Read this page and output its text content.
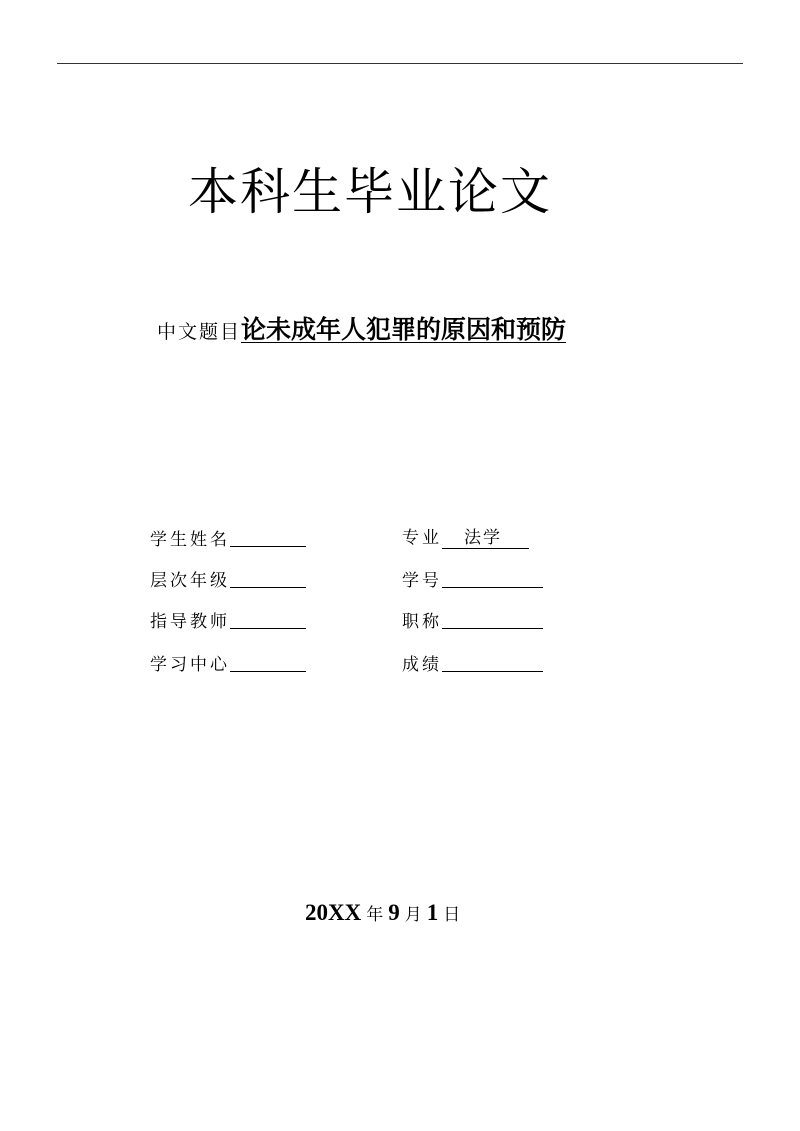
本科生毕业论文
中文题目论未成年人犯罪的原因和预防
学生姓名	专业 法学
层次年级	学号
指导教师	职称
学习中心	成绩
20XX 年 9 月 1 日
